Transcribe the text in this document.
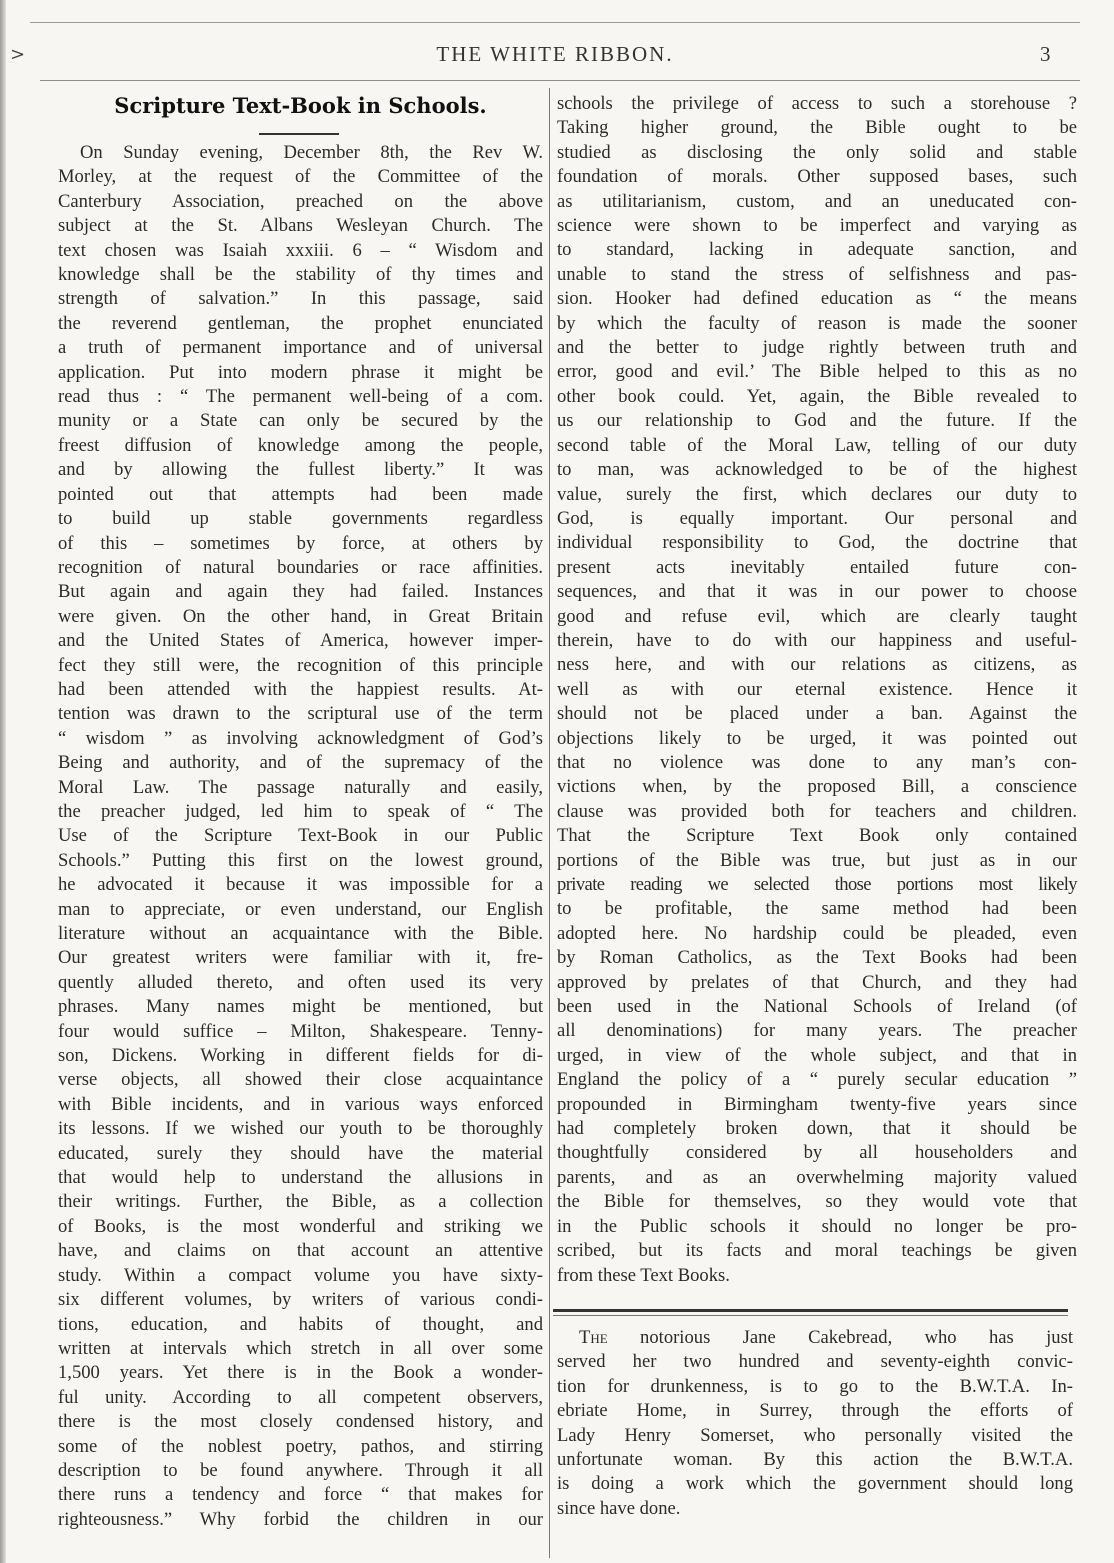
>	THE WHITE RIBBON.	3
Scripture Text-Book in Schools.

On Sunday evening, December 8th, the Rev W.

Morley, at the request of the Committee of the

Canterbury Association, preached on the above

subject at the St. Albans Wesleyan Church. The

text chosen was Isaiah xxxiii. 6 – “ Wisdom and

knowledge shall be the stability of thy times and

strength of salvation.” In this passage, said

the reverend gentleman, the prophet enunciated

a truth of permanent importance and of universal

application. Put into modern phrase it might be

read thus : “ The permanent well-being of a com.

munity or a State can only be secured by the

freest diffusion of knowledge among the people,

and by allowing the fullest liberty.” It was

pointed out that attempts had been made

to build up stable governments regardless

of this – sometimes by force, at others by

recognition of natural boundaries or race affinities.

But again and again they had failed. Instances

were given. On the other hand, in Great Britain

and the United States of America, however imper-

fect they still were, the recognition of this principle

had been attended with the happiest results. At-

tention was drawn to the scriptural use of the term

“ wisdom ” as involving acknowledgment of God’s

Being and authority, and of the supremacy of the

Moral Law. The passage naturally and easily,

the preacher judged, led him to speak of “ The

Use of the Scripture Text-Book in our Public

Schools.” Putting this first on the lowest ground,

he advocated it because it was impossible for a

man to appreciate, or even understand, our English

literature without an acquaintance with the Bible.

Our greatest writers were familiar with it, fre-

quently alluded thereto, and often used its very

phrases. Many names might be mentioned, but

four would suffice – Milton, Shakespeare. Tenny-

son, Dickens. Working in different fields for di-

verse objects, all showed their close acquaintance

with Bible incidents, and in various ways enforced

its lessons. If we wished our youth to be thoroughly

educated, surely they should have the material

that would help to understand the allusions in

their writings. Further, the Bible, as a collection

of Books, is the most wonderful and striking we

have, and claims on that account an attentive

study. Within a compact volume you have sixty-

six different volumes, by writers of various condi-

tions, education, and habits of thought, and

written at intervals which stretch in all over some

1,500 years. Yet there is in the Book a wonder-

ful unity. According to all competent observers,

there is the most closely condensed history, and

some of the noblest poetry, pathos, and stirring

description to be found anywhere. Through it all

there runs a tendency and force “ that makes for

righteousness.” Why forbid the children in our

schools the privilege of access to such a storehouse ?

Taking higher ground, the Bible ought to be

studied as disclosing the only solid and stable

foundation of morals. Other supposed bases, such

as utilitarianism, custom, and an uneducated con-

science were shown to be imperfect and varying as

to standard, lacking in adequate sanction, and

unable to stand the stress of selfishness and pas-

sion. Hooker had defined education as “ the means

by which the faculty of reason is made the sooner

and the better to judge rightly between truth and

error, good and evil.’ The Bible helped to this as no

other book could. Yet, again, the Bible revealed to

us our relationship to God and the future. If the

second table of the Moral Law, telling of our duty

to man, was acknowledged to be of the highest

value, surely the first, which declares our duty to

God, is equally important. Our personal and

individual responsibility to God, the doctrine that

present acts inevitably entailed future con-

sequences, and that it was in our power to choose

good and refuse evil, which are clearly taught

therein, have to do with our happiness and useful-

ness here, and with our relations as citizens, as

well as with our eternal existence. Hence it

should not be placed under a ban. Against the

objections likely to be urged, it was pointed out

that no violence was done to any man’s con-

victions when, by the proposed Bill, a conscience

clause was provided both for teachers and children.

That the Scripture Text Book only contained

portions of the Bible was true, but just as in our

private reading we selected those portions most likely

to be profitable, the same method had been

adopted here. No hardship could be pleaded, even

by Roman Catholics, as the Text Books had been

approved by prelates of that Church, and they had

been used in the National Schools of Ireland (of

all denominations) for many years. The preacher

urged, in view of the whole subject, and that in

England the policy of a “ purely secular education ”

propounded in Birmingham twenty-five years since

had completely broken down, that it should be

thoughtfully considered by all householders and

parents, and as an overwhelming majority valued

the Bible for themselves, so they would vote that

in the Public schools it should no longer be pro-

scribed, but its facts and moral teachings be given

from these Text Books.

The notorious Jane Cakebread, who has just

served her two hundred and seventy-eighth convic-

tion for drunkenness, is to go to the B.W.T.A. In-

ebriate Home, in Surrey, through the efforts of

Lady Henry Somerset, who personally visited the

unfortunate woman. By this action the B.W.T.A.

is doing a work which the government should long

since have done.
